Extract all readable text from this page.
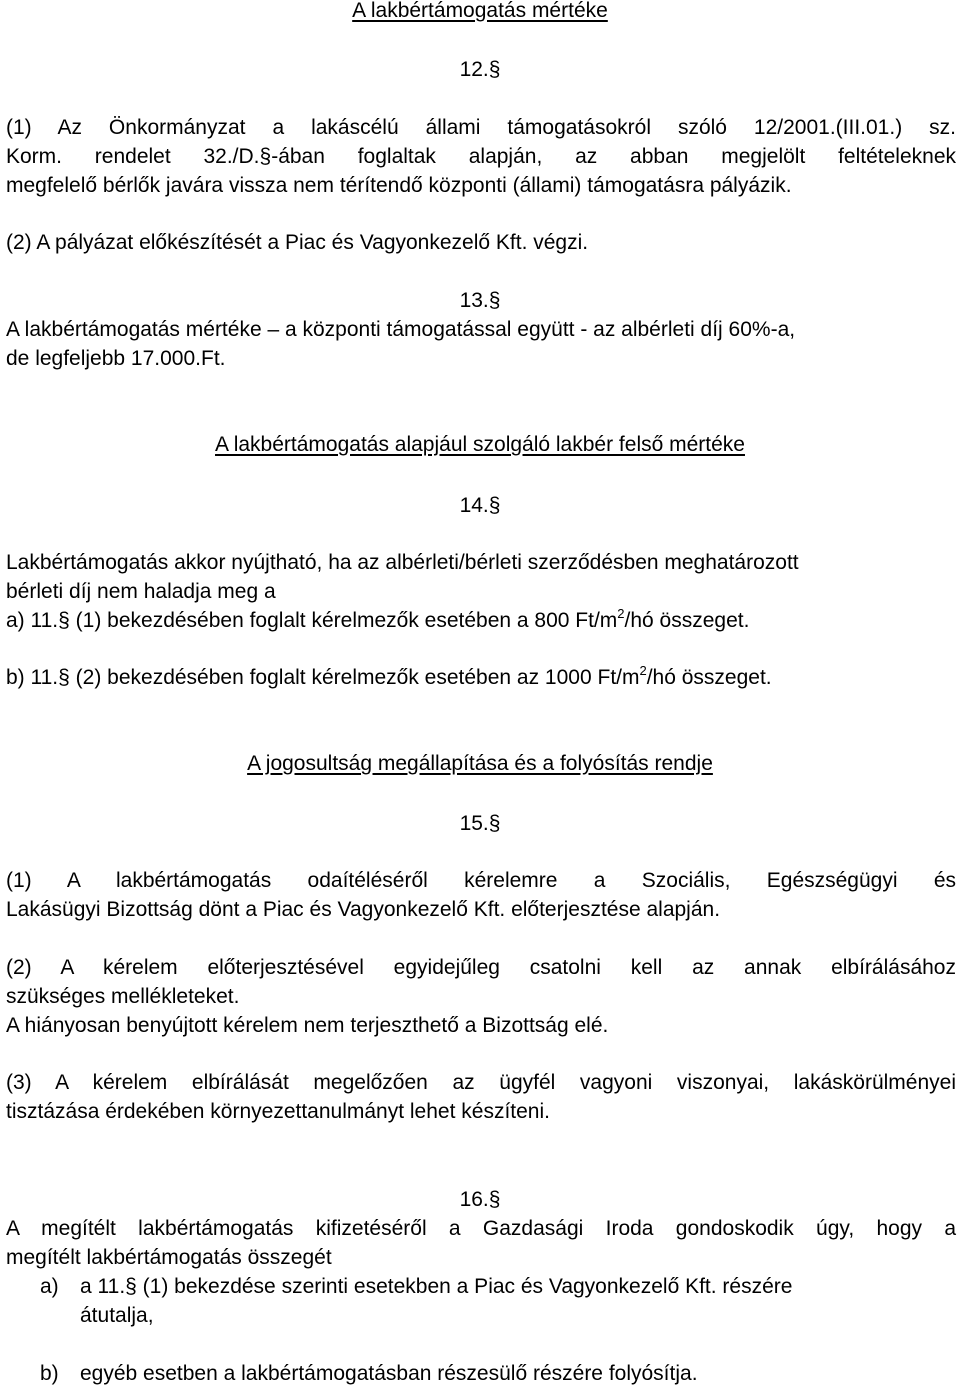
A lakbértámogatás mértéke
12.§
(1) Az Önkormányzat a lakáscélú állami támogatásokról szóló 12/2001.(III.01.) sz.
Korm. rendelet 32./D.§-ában foglaltak alapján, az abban megjelölt feltételeknek
megfelelő bérlők javára vissza nem térítendő központi (állami) támogatásra pályázik.
(2) A pályázat előkészítését a Piac és Vagyonkezelő Kft. végzi.
13.§
A lakbértámogatás mértéke – a központi támogatással együtt - az albérleti díj 60%-a,
de legfeljebb 17.000.Ft.
A lakbértámogatás alapjául szolgáló lakbér felső mértéke
14.§
Lakbértámogatás akkor nyújtható, ha az albérleti/bérleti szerződésben meghatározott
bérleti díj nem haladja meg a
a) 11.§ (1) bekezdésében foglalt kérelmezők esetében a 800 $Ft/m^2/hó$ összeget.
b) 11.§ (2) bekezdésében foglalt kérelmezők esetében az 1000 $Ft/m^2/hó$ összeget.
A jogosultság megállapítása és a folyósítás rendje
15.§
(1) A lakbértámogatás odaítéléséről kérelemre a Szociális, Egészségügyi és
Lakásügyi Bizottság dönt a Piac és Vagyonkezelő Kft. előterjesztése alapján.
(2) A kérelem előterjesztésével egyidejűleg csatolni kell az annak elbírálásához
szükséges mellékleteket.
A hiányosan benyújtott kérelem nem terjeszthető a Bizottság elé.
(3) A kérelem elbírálását megelőzően az ügyfél vagyoni viszonyai, lakáskörülményei
tisztázása érdekében környezettanulmányt lehet készíteni.
16.§
A megítélt lakbértámogatás kifizetéséről a Gazdasági Iroda gondoskodik úgy, hogy a
megítélt lakbértámogatás összegét
a) a 11.§ (1) bekezdése szerinti esetekben a Piac és Vagyonkezelő Kft. részére
átutalja,
b) egyéb esetben a lakbértámogatásban részesülő részére folyósítja.
